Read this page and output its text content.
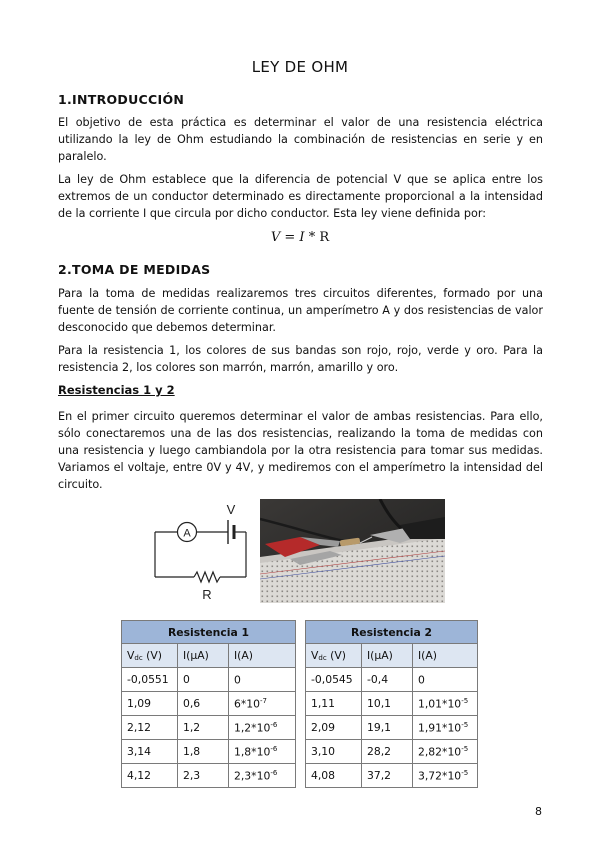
LEY DE OHM
1.INTRODUCCIÓN
El objetivo de esta práctica es determinar el valor de una resistencia eléctrica utilizando la ley de Ohm estudiando la combinación de resistencias en serie y en paralelo.
La ley de Ohm establece que la diferencia de potencial V que se aplica entre los extremos de un conductor determinado es directamente proporcional a la intensidad de la corriente I que circula por dicho conductor. Esta ley viene definida por:
V = I * R
2.TOMA DE MEDIDAS
Para la toma de medidas realizaremos tres circuitos diferentes, formado por una fuente de tensión de corriente continua, un amperímetro A y dos resistencias de valor desconocido que debemos determinar.
Para la resistencia 1, los colores de sus bandas son rojo, rojo, verde y oro. Para la resistencia 2, los colores son marrón, marrón, amarillo y oro.
Resistencias 1 y 2
En el primer circuito queremos determinar el valor de ambas resistencias. Para ello, sólo conectaremos una de las dos resistencias, realizando la toma de medidas con una resistencia y luego cambiandola por la otra resistencia para tomar sus medidas. Variamos el voltaje, entre 0V y 4V, y mediremos con el amperímetro la intensidad del circuito.
A
V
R
Resistencia 1		
$V_{dc}$ (V)	I(µA)	I(A)
-0,0551	0	0
1,09	0,6	$6*10^{-7}$
2,12	1,2	$1,2*10^{-6}$
3,14	1,8	$1,8*10^{-6}$
4,12	2,3	$2,3*10^{-6}$
Resistencia 2		
$V_{dc}$ (V)	I(µA)	I(A)
-0,0545	-0,4	0
1,11	10,1	$1,01*10^{-5}$
2,09	19,1	$1,91*10^{-5}$
3,10	28,2	$2,82*10^{-5}$
4,08	37,2	$3,72*10^{-5}$
8
